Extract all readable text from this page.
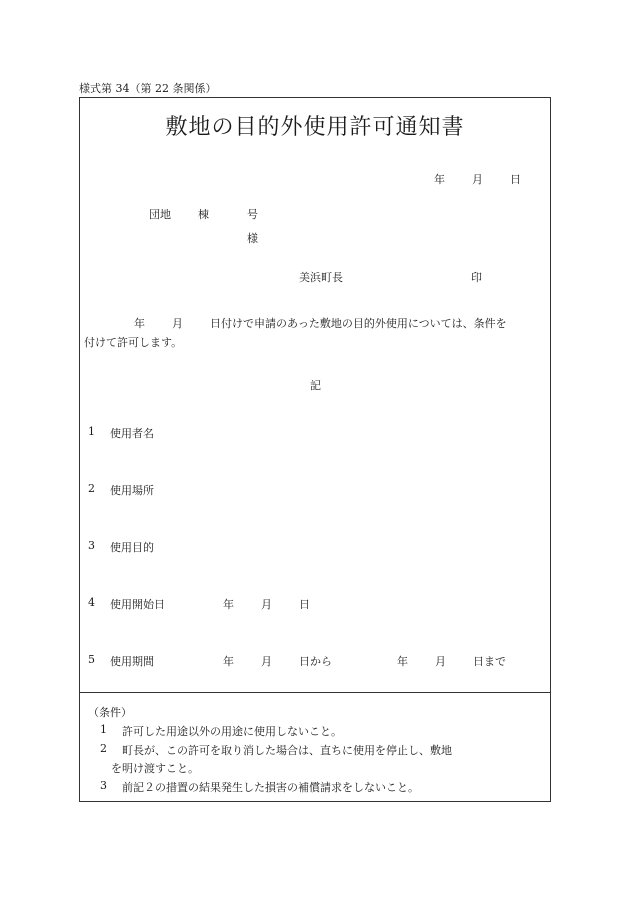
様式第 34（第 22 条関係）
敷地の目的外使用許可通知書
年 月 日
団地 棟	号
様
美浜町長	印
年 月 日付けで申請のあった敷地の目的外使用については、条件を
付けて許可します。
記
1 使用者名
2 使用場所
3 使用目的
4 使用開始日	年 月 日
5 使用期間	年 月 日から	年 月 日まで
（条件）
1 許可した用途以外の用途に使用しないこと。
2 町長が、この許可を取り消した場合は、直ちに使用を停止し、敷地
を明け渡すこと。
3 前記２の措置の結果発生した損害の補償請求をしないこと。
